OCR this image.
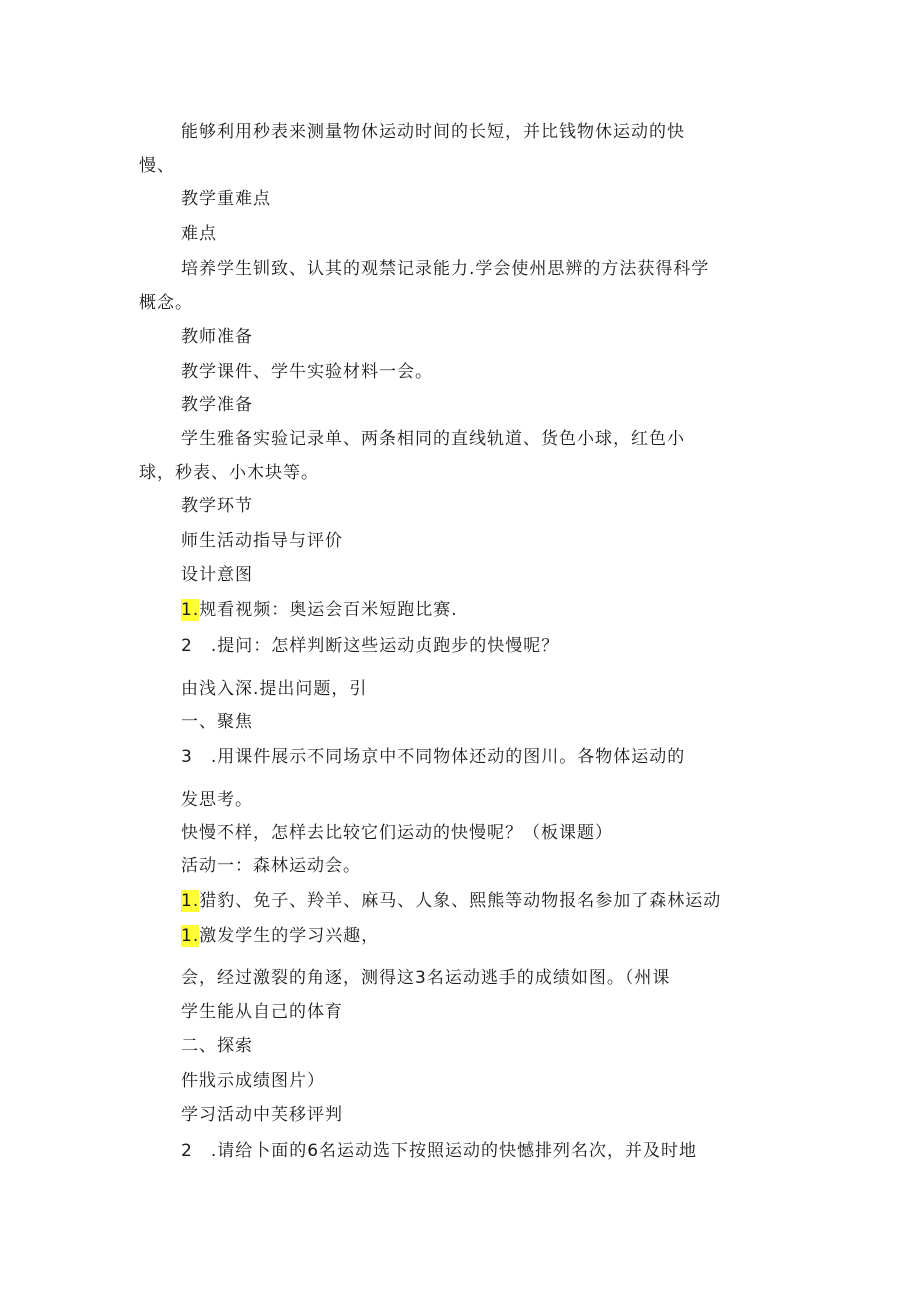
能够利用秒表来测量物休运动时间的长短，并比钱物休运动的快
慢、
教学重难点
难点
培养学生钏致、认其的观禁记录能力.学会使州思辨的方法获得科学
概念。
教师准备
教学课件、学牛实验材料一会。
教学准备
学生雅备实验记录单、两条相同的直线轨道、货色小球，红色小
球，秒表、小木块等。
教学环节
师生活动指导与评价
设计意图
1.规看视频：奥运会百米短跑比赛.
2 .提问：怎样判断这些运动贞跑步的快慢呢？
由浅入深.提出问题，引
一、聚焦
3 .用课件展示不同场京中不同物体还动的图川。各物体运动的
发思考。
快慢不样，怎样去比较它们运动的快慢呢？（板课题）
活动一：森林运动会。
1.猎豹、免子、羚羊、麻马、人象、熙熊等动物报名参加了森林运动
1.激发学生的学习兴趣，
会，经过激裂的角逐，测得这3名运动逃手的成绩如图。（州课
学生能从自己的体育
二、探索
件戕示成绩图片）
学习活动中芙移评判
2 .请给卜面的6名运动选下按照运动的快憾排列名次，并及时地
